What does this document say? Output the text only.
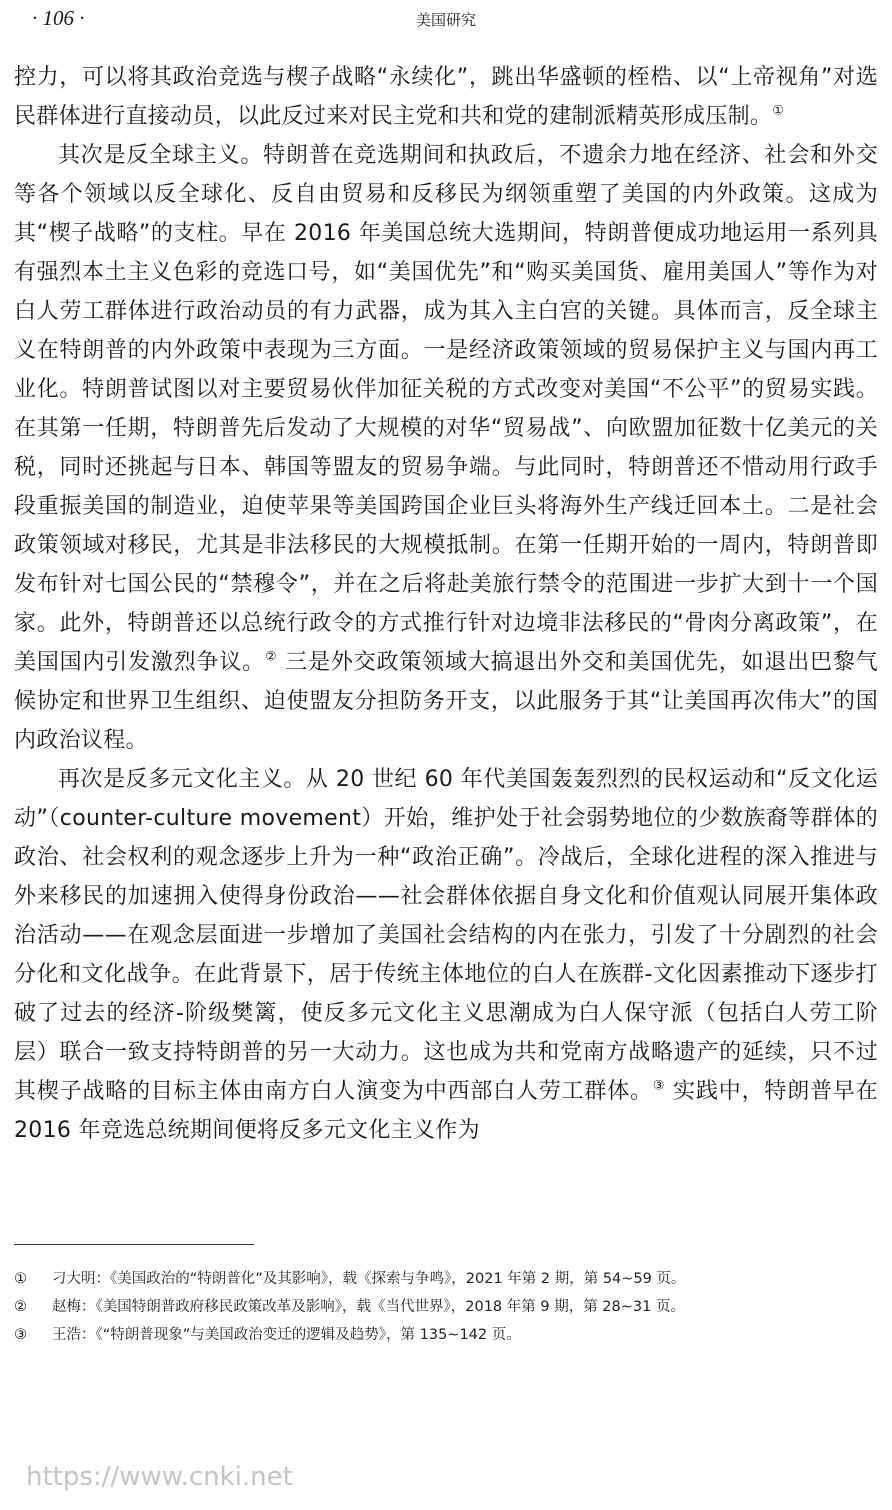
· 106 ·	美国研究

控力，可以将其政治竞选与楔子战略“永续化”，跳出华盛顿的桎梏、以“上帝视角”对选民群体进行直接动员，以此反过来对民主党和共和党的建制派精英形成压制。①

其次是反全球主义。特朗普在竞选期间和执政后，不遗余力地在经济、社会和外交等各个领域以反全球化、反自由贸易和反移民为纲领重塑了美国的内外政策。这成为其“楔子战略”的支柱。早在 2016 年美国总统大选期间，特朗普便成功地运用一系列具有强烈本土主义色彩的竞选口号，如“美国优先”和“购买美国货、雇用美国人”等作为对白人劳工群体进行政治动员的有力武器，成为其入主白宫的关键。具体而言，反全球主义在特朗普的内外政策中表现为三方面。一是经济政策领域的贸易保护主义与国内再工业化。特朗普试图以对主要贸易伙伴加征关税的方式改变对美国“不公平”的贸易实践。在其第一任期，特朗普先后发动了大规模的对华“贸易战”、向欧盟加征数十亿美元的关税，同时还挑起与日本、韩国等盟友的贸易争端。与此同时，特朗普还不惜动用行政手段重振美国的制造业，迫使苹果等美国跨国企业巨头将海外生产线迁回本土。二是社会政策领域对移民，尤其是非法移民的大规模抵制。在第一任期开始的一周内，特朗普即发布针对七国公民的“禁穆令”，并在之后将赴美旅行禁令的范围进一步扩大到十一个国家。此外，特朗普还以总统行政令的方式推行针对边境非法移民的“骨肉分离政策”，在美国国内引发激烈争议。② 三是外交政策领域大搞退出外交和美国优先，如退出巴黎气候协定和世界卫生组织、迫使盟友分担防务开支，以此服务于其“让美国再次伟大”的国内政治议程。

再次是反多元文化主义。从 20 世纪 60 年代美国轰轰烈烈的民权运动和“反文化运动”（counter-culture movement）开始，维护处于社会弱势地位的少数族裔等群体的政治、社会权利的观念逐步上升为一种“政治正确”。冷战后，全球化进程的深入推进与外来移民的加速拥入使得身份政治——社会群体依据自身文化和价值观认同展开集体政治活动——在观念层面进一步增加了美国社会结构的内在张力，引发了十分剧烈的社会分化和文化战争。在此背景下，居于传统主体地位的白人在族群-文化因素推动下逐步打破了过去的经济-阶级樊篱，使反多元文化主义思潮成为白人保守派（包括白人劳工阶层）联合一致支持特朗普的另一大动力。这也成为共和党南方战略遗产的延续，只不过其楔子战略的目标主体由南方白人演变为中西部白人劳工群体。③ 实践中，特朗普早在 2016 年竞选总统期间便将反多元文化主义作为

①	刁大明：《美国政治的“特朗普化”及其影响》，载《探索与争鸣》，2021 年第 2 期，第 54~59 页。
②	赵梅：《美国特朗普政府移民政策改革及影响》，载《当代世界》，2018 年第 9 期，第 28~31 页。
③	王浩：《“特朗普现象”与美国政治变迁的逻辑及趋势》，第 135~142 页。
https://www.cnki.net
